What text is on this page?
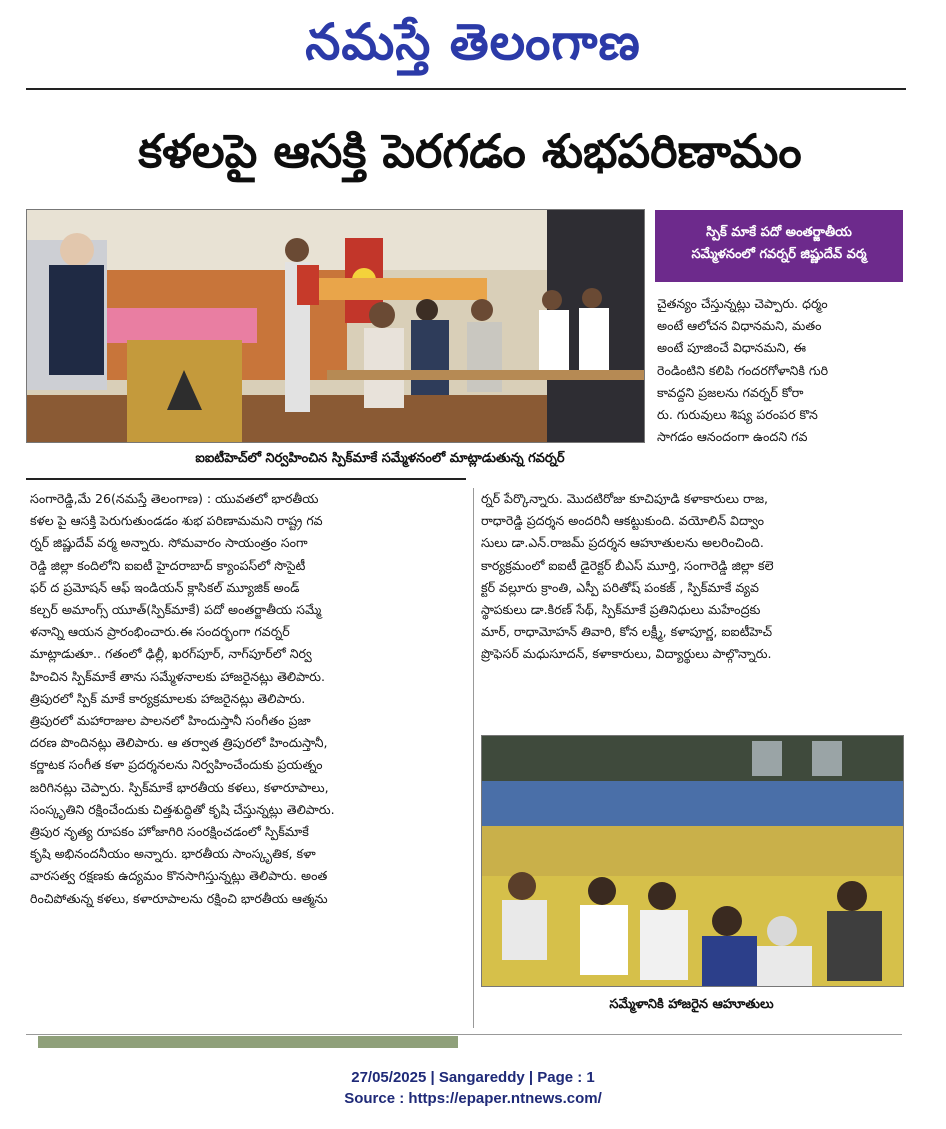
నమస్తే తెలంగాణ
కళలపై ఆసక్తి పెరగడం శుభపరిణామం
ఐఐటీహెచ్‌లో నిర్వహించిన స్పిక్‌మాకే సమ్మేళనంలో మాట్లాడుతున్న గవర్నర్
స్పిక్ మాకే పదో అంతర్జాతీయ
సమ్మేళనంలో గవర్నర్ జిష్ణుదేవ్ వర్మ
చైతన్యం చేస్తున్నట్లు చెప్పారు. ధర్మం
అంటే ఆలోచన విధానమని, మతం
అంటే పూజించే విధానమని, ఈ
రెండింటిని కలిపి గందరగోళానికి గురి
కావద్దని ప్రజలను గవర్నర్ కోరా
రు. గురువులు శిష్య పరంపర కొన
సాగడం ఆనందంగా ఉందని గవ
సంగారెడ్డి,మే 26(నమస్తే తెలంగాణ) : యువతలో భారతీయ
కళల పై ఆసక్తి పెరుగుతుండడం శుభ పరిణామమని రాష్ట్ర గవ
ర్నర్ జిష్ణుదేవ్ వర్మ అన్నారు. సోమవారం సాయంత్రం సంగా
రెడ్డి జిల్లా కందిలోని ఐఐటీ హైదరాబాద్ క్యాంపస్‌లో సొసైటీ
ఫర్ ద ప్రమోషన్ ఆఫ్ ఇండియన్ క్లాసికల్ మ్యూజిక్ అండ్
కల్చర్ అమాంగ్స్ యూత్(స్పిక్‌మాకే) పదో అంతర్జాతీయ సమ్మే
ళనాన్ని ఆయన ప్రారంభించారు.ఈ సందర్భంగా గవర్నర్
మాట్లాడుతూ.. గతంలో ఢిల్లీ, ఖరగ్‌పూర్, నాగ్‌పూర్‌లో నిర్వ
హించిన స్పిక్‌మాకే తాను సమ్మేళనాలకు హాజరైనట్లు తెలిపారు.
త్రిపురలో స్పిక్ మాకే కార్యక్రమాలకు హాజరైనట్లు తెలిపారు.
త్రిపురలో మహారాజుల పాలనలో హిందుస్తానీ సంగీతం ప్రజా
దరణ పొందినట్లు తెలిపారు. ఆ తర్వాత త్రిపురలో హిందుస్తానీ,
కర్ణాటక సంగీత కళా ప్రదర్శనలను నిర్వహించేందుకు ప్రయత్నం
జరిగినట్లు చెప్పారు. స్పిక్‌మాకే భారతీయ కళలు, కళారూపాలు,
సంస్కృతిని రక్షించేందుకు చిత్తశుద్ధితో కృషి చేస్తున్నట్లు తెలిపారు.
త్రిపుర నృత్య రూపకం హోజాగిరి సంరక్షించడంలో స్పిక్‌మాకే
కృషి అభినందనీయం అన్నారు. భారతీయ సాంస్కృతిక, కళా
వారసత్వ రక్షణకు ఉద్యమం కొనసాగిస్తున్నట్లు తెలిపారు. అంత
రించిపోతున్న కళలు, కళారూపాలను రక్షించి భారతీయ ఆత్మను
ర్నర్ పేర్కొన్నారు. మొదటిరోజు కూచిపూడి కళాకారులు రాజ,
రాధారెడ్డి ప్రదర్శన అందరినీ ఆకట్టుకుంది. వయోలిన్ విద్వాం
సులు డా.ఎన్.రాజమ్ ప్రదర్శన ఆహూతులను అలరించింది.
కార్యక్రమంలో ఐఐటీ డైరెక్టర్ బీఎస్ మూర్తి, సంగారెడ్డి జిల్లా కలె
క్టర్ వల్లూరు క్రాంతి, ఎస్పీ పరితోష్ పంకజ్ , స్పిక్‌మాకే వ్యవ
స్థాపకులు డా.కిరణ్ సేథ్, స్పిక్‌మాకే ప్రతినిధులు మహేంద్రకు
మార్, రాధామోహన్ తివారి, కోన లక్ష్మీ, కళాపూర్ణ, ఐఐటీహెచ్
ప్రొఫెసర్ మధుసూదన్, కళాకారులు, విద్యార్థులు పాల్గొన్నారు.
సమ్మేళానికి హాజరైన ఆహూతులు
27/05/2025 | Sangareddy | Page : 1
Source : https://epaper.ntnews.com/
